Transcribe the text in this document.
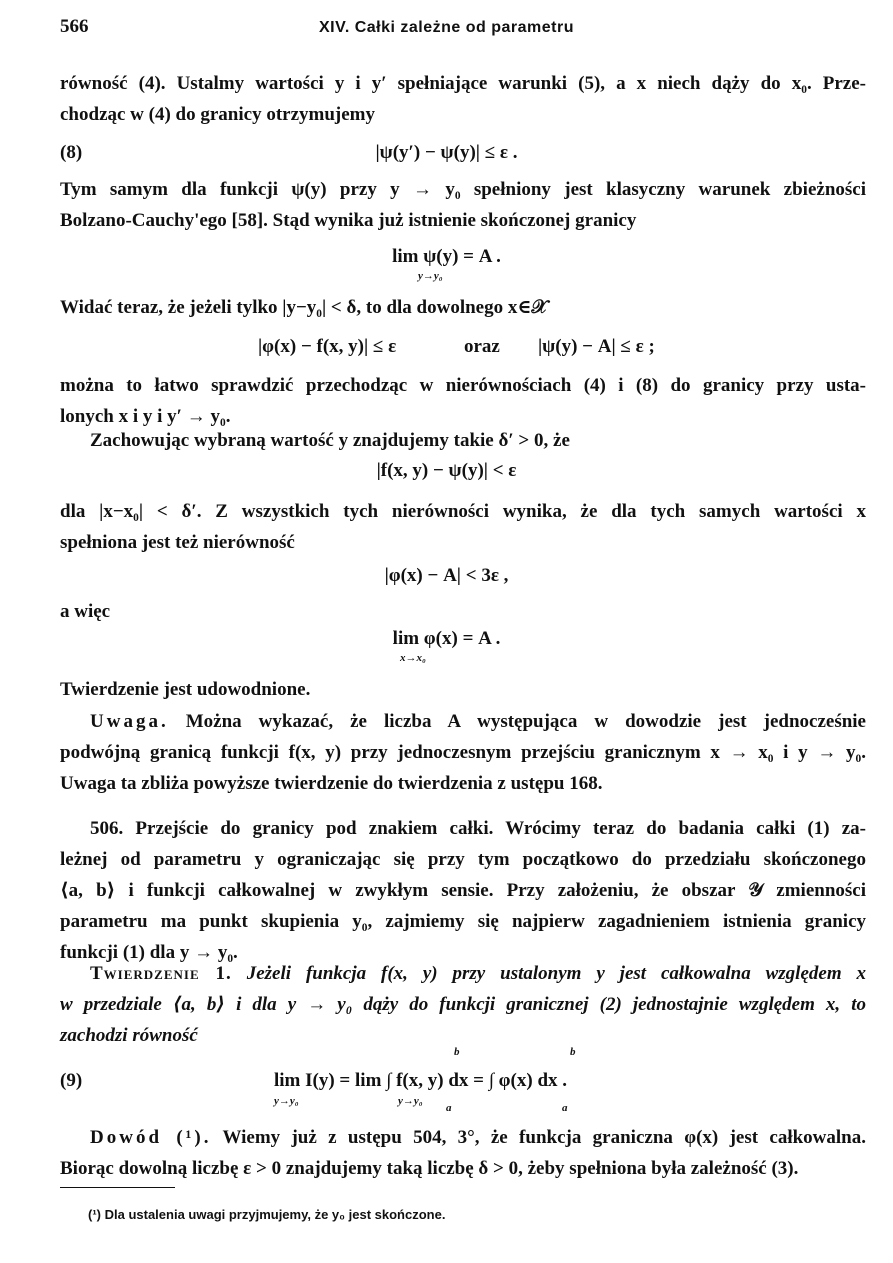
566	XIV. Całki zależne od parametru
równość (4). Ustalmy wartości y i y′ spełniające warunki (5), a x niech dąży do x₀. Prze-
chodząc w (4) do granicy otrzymujemy
(8)	|ψ(y′) − ψ(y)| ≤ ε .
Tym samym dla funkcji ψ(y) przy y → y₀ spełniony jest klasyczny warunek zbieżności
Bolzano-Cauchy'ego [58]. Stąd wynika już istnienie skończonej granicy
lim ψ(y) = A .
y→y₀
Widać teraz, że jeżeli tylko |y−y₀| < δ, to dla dowolnego x∈𝒳
|φ(x) − f(x, y)| ≤ ε	oraz |ψ(y) − A| ≤ ε ;
można to łatwo sprawdzić przechodząc w nierównościach (4) i (8) do granicy przy usta-
lonych x i y i y′ → y₀.
Zachowując wybraną wartość y znajdujemy takie δ′ > 0, że
|f(x, y) − ψ(y)| < ε
dla |x−x₀| < δ′. Z wszystkich tych nierówności wynika, że dla tych samych wartości x
spełniona jest też nierówność
|φ(x) − A| < 3ε ,
a więc
lim φ(x) = A .
x→x₀
Twierdzenie jest udowodnione.
Uwaga. Można wykazać, że liczba A występująca w dowodzie jest jednocześnie
podwójną granicą funkcji f(x, y) przy jednoczesnym przejściu granicznym x → x₀ i y → y₀.
Uwaga ta zbliża powyższe twierdzenie do twierdzenia z ustępu 168.
506. Przejście do granicy pod znakiem całki. Wrócimy teraz do badania całki (1) za-
leżnej od parametru y ograniczając się przy tym początkowo do przedziału skończonego
⟨a, b⟩ i funkcji całkowalnej w zwykłym sensie. Przy założeniu, że obszar 𝒴 zmienności
parametru ma punkt skupienia y₀, zajmiemy się najpierw zagadnieniem istnienia granicy
funkcji (1) dla y → y₀.
Twierdzenie 1. Jeżeli funkcja f(x, y) przy ustalonym y jest całkowalna względem x
w przedziale ⟨a, b⟩ i dla y → y₀ dąży do funkcji granicznej (2) jednostajnie względem x, to
zachodzi równość
(9)	lim I(y) = lim ∫ f(x, y) dx = ∫ φ(x) dx .
y→y₀	y→y₀
b	b
a	a
Dowód (¹). Wiemy już z ustępu 504, 3°, że funkcja graniczna φ(x) jest całkowalna.
Biorąc dowolną liczbę ε > 0 znajdujemy taką liczbę δ > 0, żeby spełniona była zależność (3).
(¹) Dla ustalenia uwagi przyjmujemy, że y₀ jest skończone.
